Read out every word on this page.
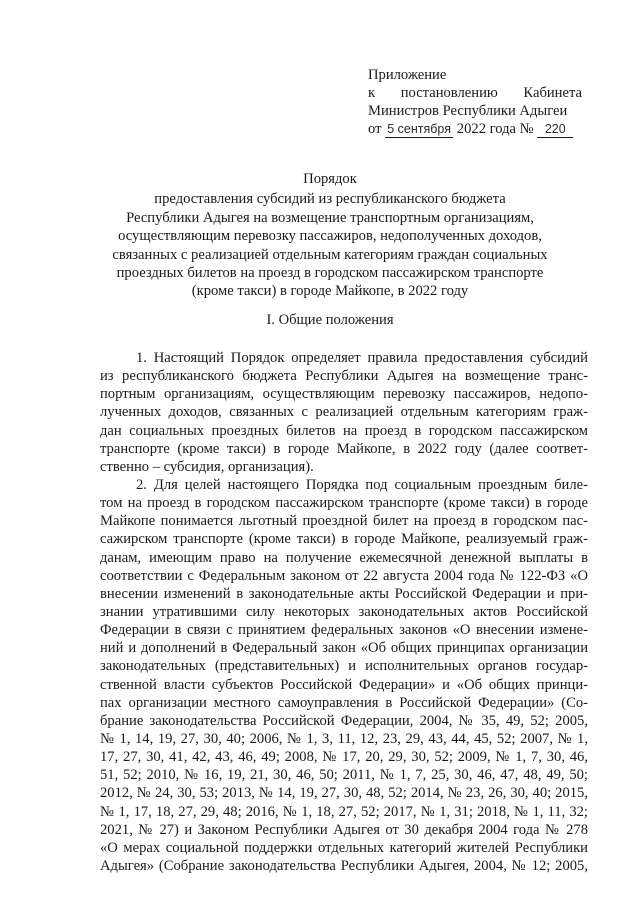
Приложение
к постановлению Кабинета
Министров Республики Адыгеи
от 5 сентября 2022 года № 220
Порядок
предоставления субсидий из республиканского бюджета
Республики Адыгея на возмещение транспортным организациям,
осуществляющим перевозку пассажиров, недополученных доходов,
связанных с реализацией отдельным категориям граждан социальных
проездных билетов на проезд в городском пассажирском транспорте
(кроме такси) в городе Майкопе, в 2022 году
I. Общие положения
1. Настоящий Порядок определяет правила предоставления субсидий
из республиканского бюджета Республики Адыгея на возмещение транс-
портным организациям, осуществляющим перевозку пассажиров, недопо-
лученных доходов, связанных с реализацией отдельным категориям граж-
дан социальных проездных билетов на проезд в городском пассажирском
транспорте (кроме такси) в городе Майкопе, в 2022 году (далее соответ-
ственно – субсидия, организация).
2. Для целей настоящего Порядка под социальным проездным биле-
том на проезд в городском пассажирском транспорте (кроме такси) в городе
Майкопе понимается льготный проездной билет на проезд в городском пас-
сажирском транспорте (кроме такси) в городе Майкопе, реализуемый граж-
данам, имеющим право на получение ежемесячной денежной выплаты в
соответствии с Федеральным законом от 22 августа 2004 года № 122-ФЗ «О
внесении изменений в законодательные акты Российской Федерации и при-
знании утратившими силу некоторых законодательных актов Российской
Федерации в связи с принятием федеральных законов «О внесении измене-
ний и дополнений в Федеральный закон «Об общих принципах организации
законодательных (представительных) и исполнительных органов государ-
ственной власти субъектов Российской Федерации» и «Об общих принци-
пах организации местного самоуправления в Российской Федерации» (Со-
брание законодательства Российской Федерации, 2004, № 35, 49, 52; 2005,
№ 1, 14, 19, 27, 30, 40; 2006, № 1, 3, 11, 12, 23, 29, 43, 44, 45, 52; 2007, № 1,
17, 27, 30, 41, 42, 43, 46, 49; 2008, № 17, 20, 29, 30, 52; 2009, № 1, 7, 30, 46,
51, 52; 2010, № 16, 19, 21, 30, 46, 50; 2011, № 1, 7, 25, 30, 46, 47, 48, 49, 50;
2012, № 24, 30, 53; 2013, № 14, 19, 27, 30, 48, 52; 2014, № 23, 26, 30, 40; 2015,
№ 1, 17, 18, 27, 29, 48; 2016, № 1, 18, 27, 52; 2017, № 1, 31; 2018, № 1, 11, 32;
2021, № 27) и Законом Республики Адыгея от 30 декабря 2004 года № 278
«О мерах социальной поддержки отдельных категорий жителей Республики
Адыгея» (Собрание законодательства Республики Адыгея, 2004, № 12; 2005,
